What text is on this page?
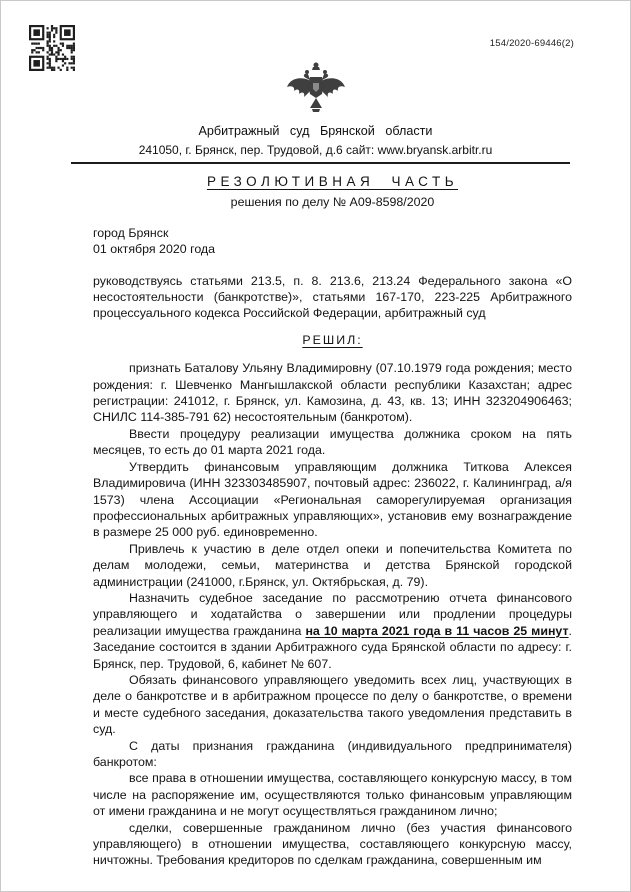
154/2020-69446(2)
Арбитражный суд Брянской области
241050, г. Брянск, пер. Трудовой, д.6 сайт: www.bryansk.arbitr.ru
РЕЗОЛЮТИВНАЯ ЧАСТЬ
решения по делу № А09-8598/2020
город Брянск
01 октября 2020 года

руководствуясь статьями 213.5, п. 8. 213.6, 213.24 Федерального закона «О несостоятельности (банкротстве)», статьями 167-170, 223-225 Арбитражного процессуального кодекса Российской Федерации, арбитражный суд

РЕШИЛ:

признать Баталову Ульяну Владимировну (07.10.1979 года рождения; место рождения: г. Шевченко Мангышлакской области республики Казахстан; адрес регистрации: 241012, г. Брянск, ул. Камозина, д. 43, кв. 13; ИНН 323204906463; СНИЛС 114-385-791 62) несостоятельным (банкротом).

Ввести процедуру реализации имущества должника сроком на пять месяцев, то есть до 01 марта 2021 года.

Утвердить финансовым управляющим должника Титкова Алексея Владимировича (ИНН 323303485907, почтовый адрес: 236022, г. Калининград, а/я 1573) члена Ассоциации «Региональная саморегулируемая организация профессиональных арбитражных управляющих», установив ему вознаграждение в размере 25 000 руб. единовременно.

Привлечь к участию в деле отдел опеки и попечительства Комитета по делам молодежи, семьи, материнства и детства Брянской городской администрации (241000, г.Брянск, ул. Октябрьская, д. 79).

Назначить судебное заседание по рассмотрению отчета финансового управляющего и ходатайства о завершении или продлении процедуры реализации имущества гражданина на 10 марта 2021 года в 11 часов 25 минут. Заседание состоится в здании Арбитражного суда Брянской области по адресу: г. Брянск, пер. Трудовой, 6, кабинет № 607.

Обязать финансового управляющего уведомить всех лиц, участвующих в деле о банкротстве и в арбитражном процессе по делу о банкротстве, о времени и месте судебного заседания, доказательства такого уведомления представить в суд.

С даты признания гражданина (индивидуального предпринимателя) банкротом:

все права в отношении имущества, составляющего конкурсную массу, в том числе на распоряжение им, осуществляются только финансовым управляющим от имени гражданина и не могут осуществляться гражданином лично;

сделки, совершенные гражданином лично (без участия финансового управляющего) в отношении имущества, составляющего конкурсную массу, ничтожны. Требования кредиторов по сделкам гражданина, совершенным им
